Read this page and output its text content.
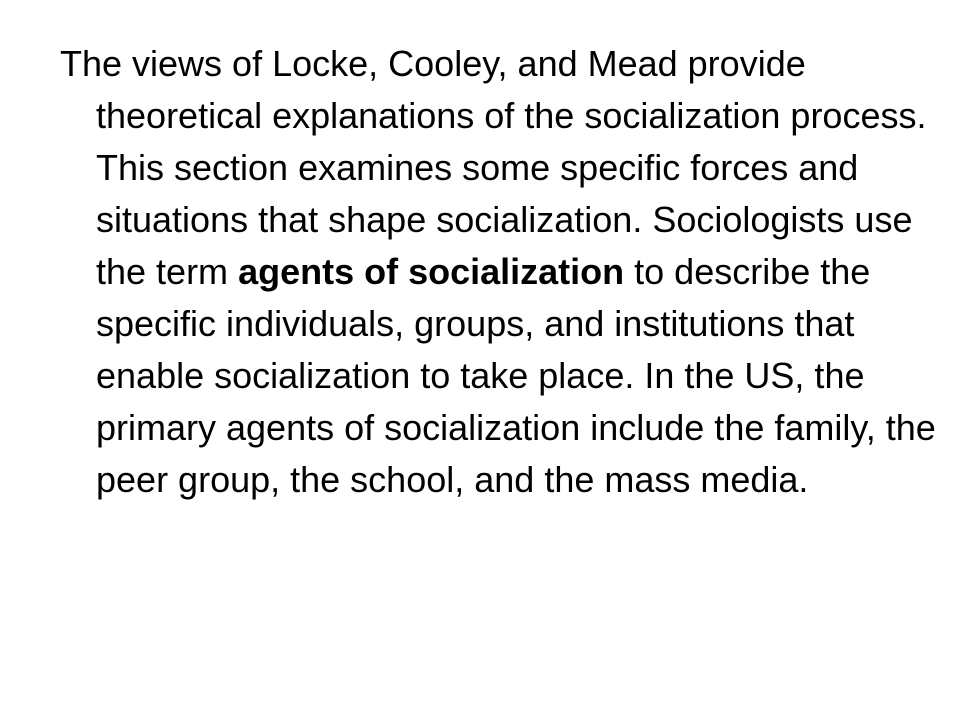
The views of Locke, Cooley, and Mead provide theoretical explanations of the socialization process. This section examines some specific forces and situations that shape socialization. Sociologists use the term agents of socialization to describe the specific individuals, groups, and institutions that enable socialization to take place. In the US, the primary agents of socialization include the family, the peer group, the school, and the mass media.
